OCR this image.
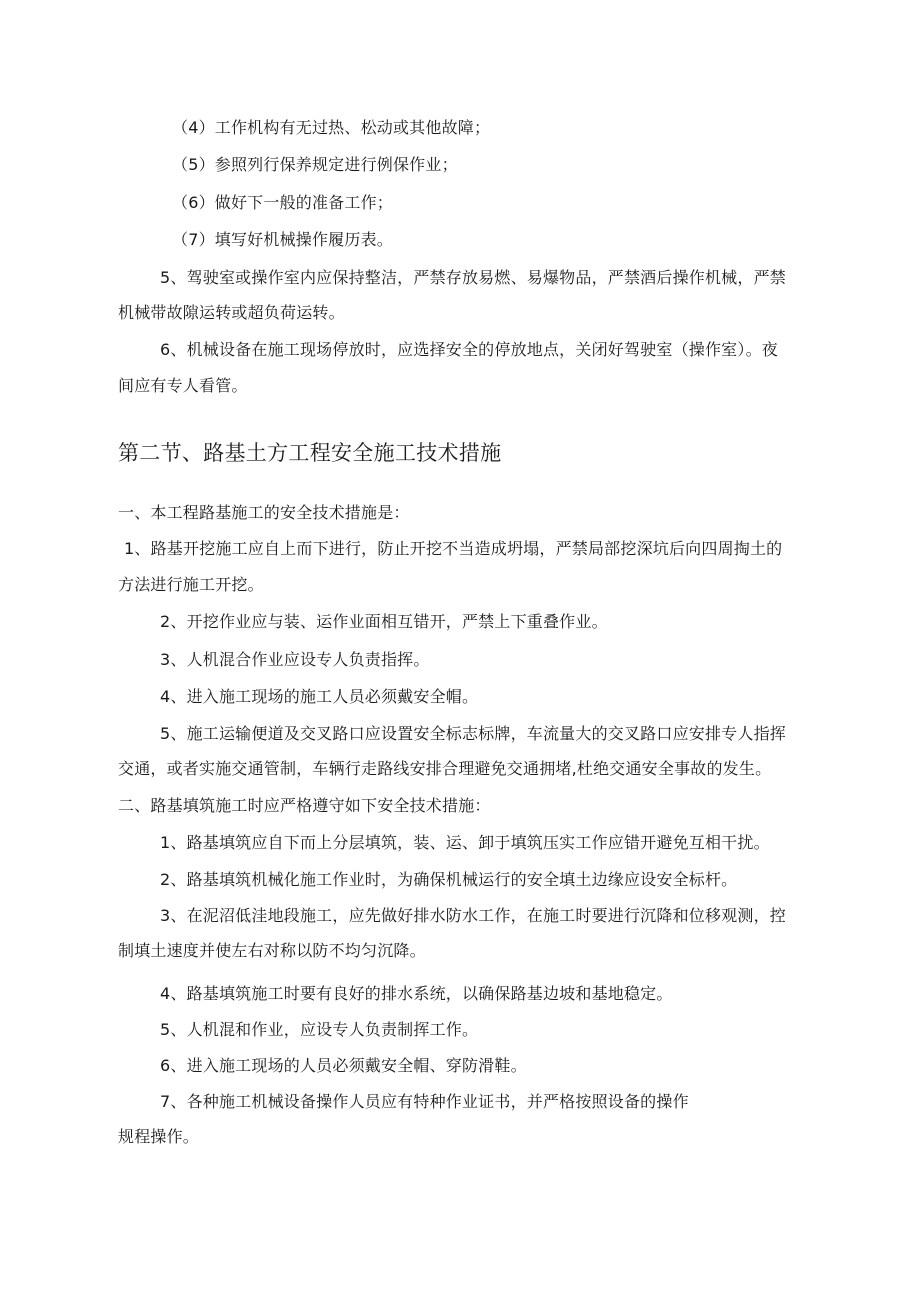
（4）工作机构有无过热、松动或其他故障；
（5）参照列行保养规定进行例保作业；
（6）做好下一般的准备工作；
（7）填写好机械操作履历表。
5、驾驶室或操作室内应保持整洁，严禁存放易燃、易爆物品，严禁酒后操作机械，严禁
机械带故隙运转或超负荷运转。
6、机械设备在施工现场停放时，应选择安全的停放地点，关闭好驾驶室（操作室）。夜
间应有专人看管。
第二节、路基土方工程安全施工技术措施
一、本工程路基施工的安全技术措施是：
1、路基开挖施工应自上而下进行，防止开挖不当造成坍塌，严禁局部挖深坑后向四周掏土的
方法进行施工开挖。
2、开挖作业应与装、运作业面相互错开，严禁上下重叠作业。
3、人机混合作业应设专人负责指挥。
4、进入施工现场的施工人员必须戴安全帽。
5、施工运输便道及交叉路口应设置安全标志标牌，车流量大的交叉路口应安排专人指挥
交通，或者实施交通管制，车辆行走路线安排合理避免交通拥堵,杜绝交通安全事故的发生。
二、路基填筑施工时应严格遵守如下安全技术措施：
1、路基填筑应自下而上分层填筑，装、运、卸于填筑压实工作应错开避免互相干扰。
2、路基填筑机械化施工作业时，为确保机械运行的安全填土边缘应设安全标杆。
3、在泥沼低洼地段施工，应先做好排水防水工作，在施工时要进行沉降和位移观测，控
制填土速度并使左右对称以防不均匀沉降。
4、路基填筑施工时要有良好的排水系统，以确保路基边坡和基地稳定。
5、人机混和作业，应设专人负责制挥工作。
6、进入施工现场的人员必须戴安全帽、穿防滑鞋。
7、各种施工机械设备操作人员应有特种作业证书，并严格按照设备的操作
规程操作。
